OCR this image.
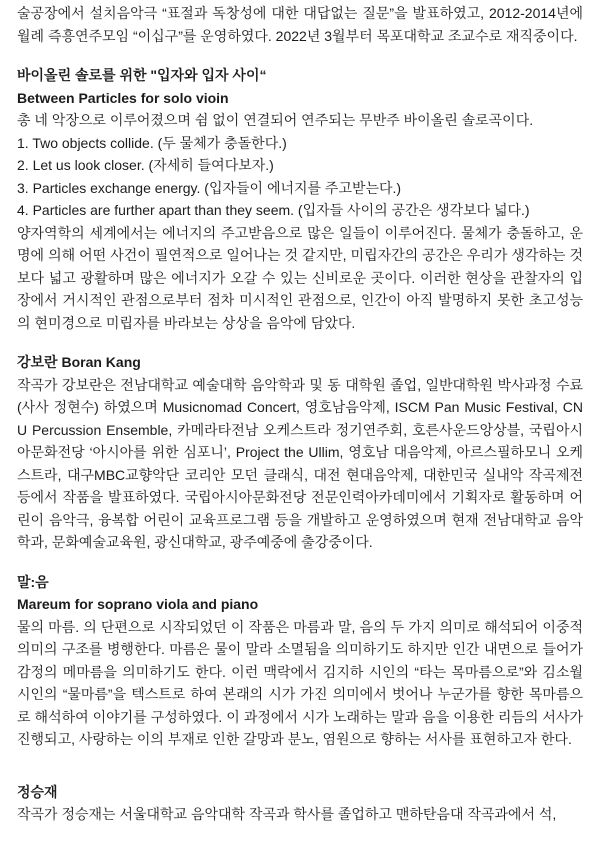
술공장에서 설치음악극 “표절과 독창성에 대한 대답없는 질문”을 발표하였고, 2012-2014년에 월례 즉흥연주모임 “이십구”를 운영하였다. 2022년 3월부터 목포대학교 조교수로 재직중이다.

바이올린 솔로를 위한 "입자와 입자 사이“
Between Particles for solo vioin

총 네 악장으로 이루어졌으며 쉼 없이 연결되어 연주되는 무반주 바이올린 솔로곡이다.

1. Two objects collide. (두 물체가 충돌한다.)

2. Let us look closer. (자세히 들여다보자.)

3. Particles exchange energy. (입자들이 에너지를 주고받는다.)

4. Particles are further apart than they seem. (입자들 사이의 공간은 생각보다 넓다.)

양자역학의 세계에서는 에너지의 주고받음으로 많은 일들이 이루어진다. 물체가 충돌하고, 운명에 의해 어떤 사건이 필연적으로 일어나는 것 같지만, 미립자간의 공간은 우리가 생각하는 것 보다 넓고 광활하며 많은 에너지가 오갈 수 있는 신비로운 곳이다. 이러한 현상을 관찰자의 입장에서 거시적인 관점으로부터 점차 미시적인 관점으로, 인간이 아직 발명하지 못한 초고성능의 현미경으로 미립자를 바라보는 상상을 음악에 담았다.

강보란 Boran Kang

작곡가 강보란은 전남대학교 예술대학 음악학과 및 동 대학원 졸업, 일반대학원 박사과정 수료(사사 정현수) 하였으며 Musicnomad Concert, 영호남음악제, ISCM Pan Music Festival, CNU Percussion Ensemble, 카메라타전남 오케스트라 정기연주회, 호른사운드앙상블, 국립아시아문화전당 ‘아시아를 위한 심포니’, Project the Ullim, 영호남 대음악제, 아르스필하모니 오케스트라, 대구MBC교향악단 코리안 모던 클래식, 대전 현대음악제, 대한민국 실내악 작곡제전 등에서 작품을 발표하였다. 국립아시아문화전당 전문인력아카데미에서 기획자로 활동하며 어린이 음악극, 융복합 어린이 교육프로그램 등을 개발하고 운영하였으며 현재 전남대학교 음악학과, 문화예술교육원, 광신대학교, 광주예중에 출강중이다.

말:음
Mareum for soprano viola and piano

물의 마름. 의 단편으로 시작되었던 이 작품은 마름과 말, 음의 두 가지 의미로 해석되어 이중적 의미의 구조를 병행한다. 마름은 물이 말라 소멸됨을 의미하기도 하지만 인간 내면으로 들어가 감정의 메마름을 의미하기도 한다. 이런 맥락에서 김지하 시인의 “타는 목마름으로”와 김소월 시인의 “물마름”을 텍스트로 하여 본래의 시가 가진 의미에서 벗어나 누군가를 향한 목마름으로 해석하여 이야기를 구성하였다. 이 과정에서 시가 노래하는 말과 음을 이용한 리듬의 서사가 진행되고, 사랑하는 이의 부재로 인한 갈망과 분노, 염원으로 향하는 서사를 표현하고자 한다.

정승재

작곡가 정승재는 서울대학교 음악대학 작곡과 학사를 졸업하고 맨하탄음대 작곡과에서 석,
